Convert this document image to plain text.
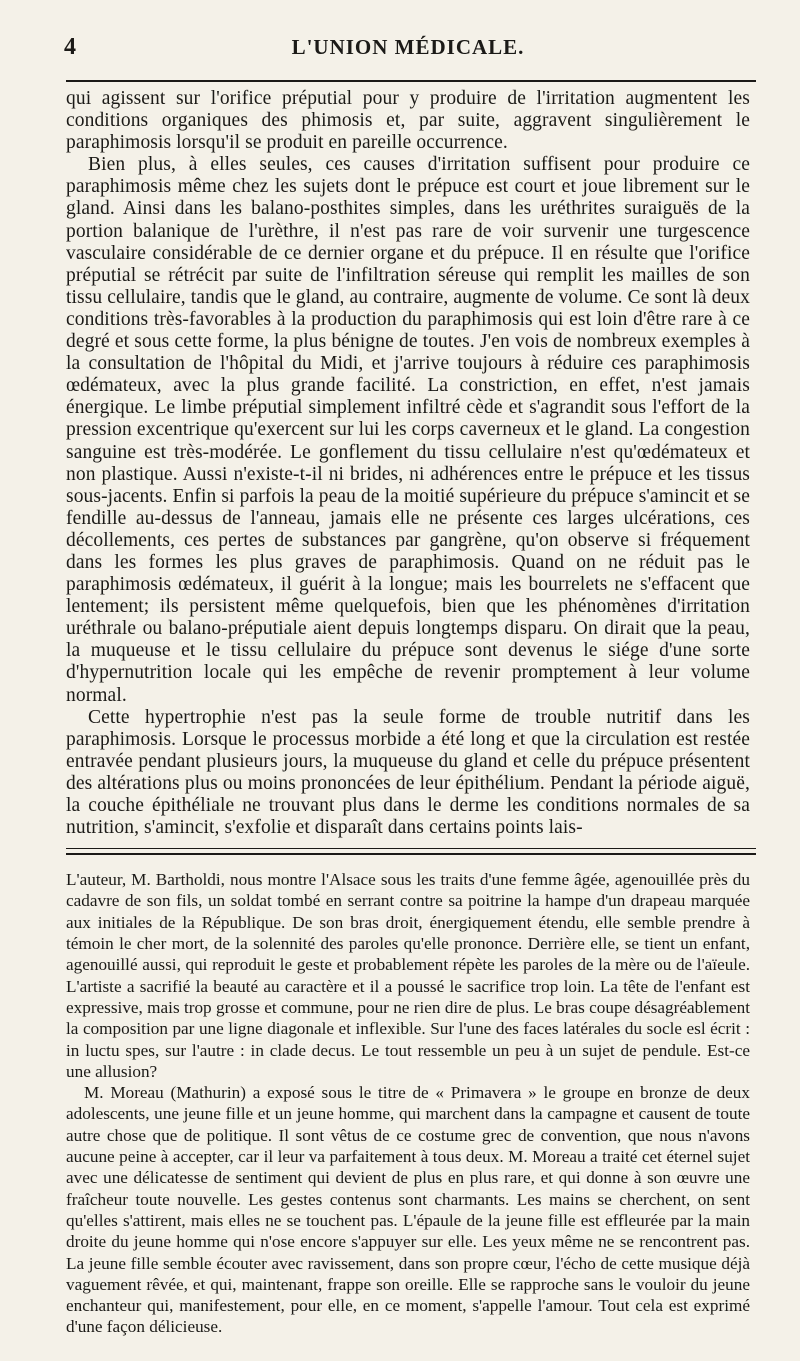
4	L'UNION MÉDICALE.

qui agissent sur l'orifice préputial pour y produire de l'irritation augmentent les conditions organiques des phimosis et, par suite, aggravent singulièrement le paraphimosis lorsqu'il se produit en pareille occurrence.

Bien plus, à elles seules, ces causes d'irritation suffisent pour produire ce paraphimosis même chez les sujets dont le prépuce est court et joue librement sur le gland. Ainsi dans les balano-posthites simples, dans les uréthrites suraiguës de la portion balanique de l'urèthre, il n'est pas rare de voir survenir une turgescence vasculaire considérable de ce dernier organe et du prépuce. Il en résulte que l'orifice préputial se rétrécit par suite de l'infiltration séreuse qui remplit les mailles de son tissu cellulaire, tandis que le gland, au contraire, augmente de volume. Ce sont là deux conditions très-favorables à la production du paraphimosis qui est loin d'être rare à ce degré et sous cette forme, la plus bénigne de toutes. J'en vois de nombreux exemples à la consultation de l'hôpital du Midi, et j'arrive toujours à réduire ces paraphimosis œdémateux, avec la plus grande facilité. La constriction, en effet, n'est jamais énergique. Le limbe préputial simplement infiltré cède et s'agrandit sous l'effort de la pression excentrique qu'exercent sur lui les corps caverneux et le gland. La congestion sanguine est très-modérée. Le gonflement du tissu cellulaire n'est qu'œdémateux et non plastique. Aussi n'existe-t-il ni brides, ni adhérences entre le prépuce et les tissus sous-jacents. Enfin si parfois la peau de la moitié supérieure du prépuce s'amincit et se fendille au-dessus de l'anneau, jamais elle ne présente ces larges ulcérations, ces décollements, ces pertes de substances par gangrène, qu'on observe si fréquement dans les formes les plus graves de paraphimosis. Quand on ne réduit pas le paraphimosis œdémateux, il guérit à la longue; mais les bourrelets ne s'effacent que lentement; ils persistent même quelquefois, bien que les phénomènes d'irritation uréthrale ou balano-préputiale aient depuis longtemps disparu. On dirait que la peau, la muqueuse et le tissu cellulaire du prépuce sont devenus le siége d'une sorte d'hypernutrition locale qui les empêche de revenir promptement à leur volume normal.

Cette hypertrophie n'est pas la seule forme de trouble nutritif dans les paraphimosis. Lorsque le processus morbide a été long et que la circulation est restée entravée pendant plusieurs jours, la muqueuse du gland et celle du prépuce présentent des altérations plus ou moins prononcées de leur épithélium. Pendant la période aiguë, la couche épithéliale ne trouvant plus dans le derme les conditions normales de sa nutrition, s'amincit, s'exfolie et disparaît dans certains points lais-

L'auteur, M. Bartholdi, nous montre l'Alsace sous les traits d'une femme âgée, agenouillée près du cadavre de son fils, un soldat tombé en serrant contre sa poitrine la hampe d'un drapeau marquée aux initiales de la République. De son bras droit, énergiquement étendu, elle semble prendre à témoin le cher mort, de la solennité des paroles qu'elle prononce. Derrière elle, se tient un enfant, agenouillé aussi, qui reproduit le geste et probablement répète les paroles de la mère ou de l'aïeule. L'artiste a sacrifié la beauté au caractère et il a poussé le sacrifice trop loin. La tête de l'enfant est expressive, mais trop grosse et commune, pour ne rien dire de plus. Le bras coupe désagréablement la composition par une ligne diagonale et inflexible. Sur l'une des faces latérales du socle esl écrit : in luctu spes, sur l'autre : in clade decus. Le tout ressemble un peu à un sujet de pendule. Est-ce une allusion?

M. Moreau (Mathurin) a exposé sous le titre de « Primavera » le groupe en bronze de deux adolescents, une jeune fille et un jeune homme, qui marchent dans la campagne et causent de toute autre chose que de politique. Il sont vêtus de ce costume grec de convention, que nous n'avons aucune peine à accepter, car il leur va parfaitement à tous deux. M. Moreau a traité cet éternel sujet avec une délicatesse de sentiment qui devient de plus en plus rare, et qui donne à son œuvre une fraîcheur toute nouvelle. Les gestes contenus sont charmants. Les mains se cherchent, on sent qu'elles s'attirent, mais elles ne se touchent pas. L'épaule de la jeune fille est effleurée par la main droite du jeune homme qui n'ose encore s'appuyer sur elle. Les yeux même ne se rencontrent pas. La jeune fille semble écouter avec ravissement, dans son propre cœur, l'écho de cette musique déjà vaguement rêvée, et qui, maintenant, frappe son oreille. Elle se rapproche sans le vouloir du jeune enchanteur qui, manifestement, pour elle, en ce moment, s'appelle l'amour. Tout cela est exprimé d'une façon délicieuse.
